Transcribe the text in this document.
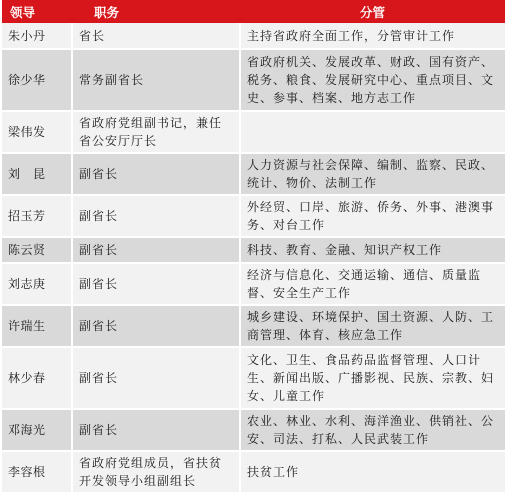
领导	职务	分管
朱小丹	省长	主持省政府全面工作，分管审计工作
徐少华	常务副省长	省政府机关、发展改革、财政、国有资产、税务、粮食、发展研究中心、重点项目、文史、参事、档案、地方志工作
梁伟发	省政府党组副书记，兼任省公安厅厅长	
刘　昆	副省长	人力资源与社会保障、编制、监察、民政、统计、物价、法制工作
招玉芳	副省长	外经贸、口岸、旅游、侨务、外事、港澳事务、对台工作
陈云贤	副省长	科技、教育、金融、知识产权工作
刘志庚	副省长	经济与信息化、交通运输、通信、质量监督、安全生产工作
许瑞生	副省长	城乡建设、环境保护、国土资源、人防、工商管理、体育、核应急工作
林少春	副省长	文化、卫生、食品药品监督管理、人口计生、新闻出版、广播影视、民族、宗教、妇女、儿童工作
邓海光	副省长	农业、林业、水利、海洋渔业、供销社、公安、司法、打私、人民武装工作
李容根	省政府党组成员，省扶贫开发领导小组副组长	扶贫工作
